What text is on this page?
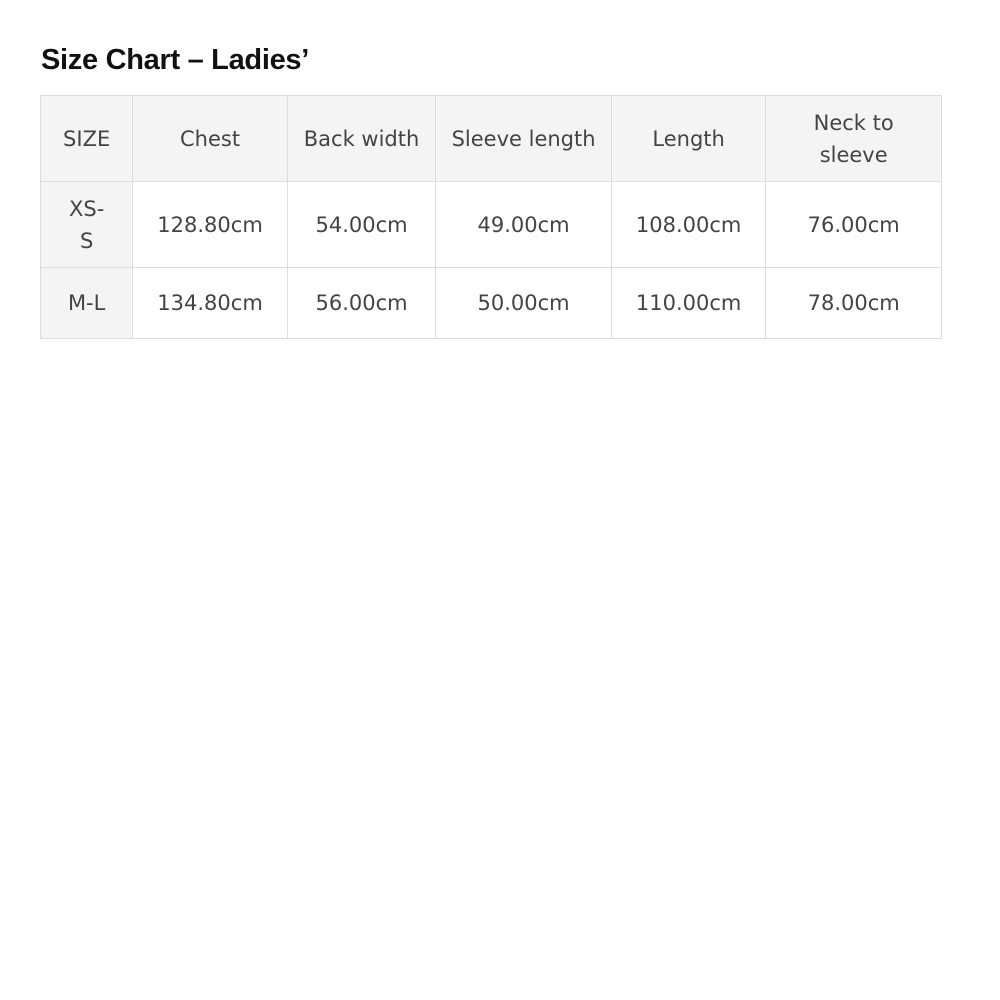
Size Chart – Ladies’
SIZE	Chest	Back width	Sleeve length	Length	Neck to sleeve
XS-S	128.80cm	54.00cm	49.00cm	108.00cm	76.00cm
M-L	134.80cm	56.00cm	50.00cm	110.00cm	78.00cm
